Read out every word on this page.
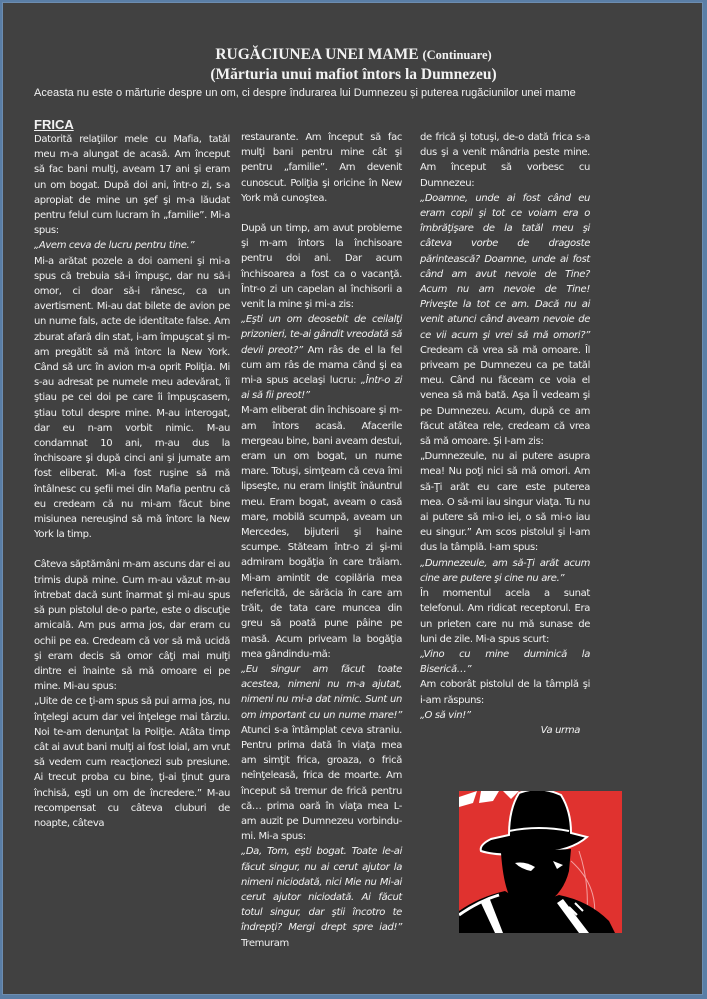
RUGĂCIUNEA UNEI MAME (Continuare)
(Mărturia unui mafiot întors la Dumnezeu)
Aceasta nu este o mărturie despre un om, ci despre îndurarea lui Dumnezeu și puterea rugăciunilor unei mame
FRICA

Datorită relaţiilor mele cu Mafia, tatăl meu m-a alungat de acasă. Am început să fac bani mulţi, aveam 17 ani şi eram un om bogat. După doi ani, într-o zi, s-a apropiat de mine un şef şi m-a lăudat pentru felul cum lucram în „familie”. Mi-a spus:

„Avem ceva de lucru pentru tine.”

Mi-a arătat pozele a doi oameni şi mi-a spus că trebuia să-i împuşc, dar nu să-i omor, ci doar să-i rănesc, ca un avertisment. Mi-au dat bilete de avion pe un nume fals, acte de identitate false. Am zburat afară din stat, i-am împuşcat şi m-am pregătit să mă întorc la New York. Când să urc în avion m-a oprit Poliţia. Mi s-au adresat pe numele meu adevărat, îi ştiau pe cei doi pe care îi împuşcasem, ştiau totul despre mine. M-au interogat, dar eu n-am vorbit nimic. M-au condamnat 10 ani, m-au dus la închisoare şi după cinci ani şi jumate am fost eliberat. Mi-a fost ruşine să mă întâlnesc cu şefii mei din Mafia pentru că eu credeam că nu mi-am făcut bine misiunea nereuşind să mă întorc la New York la timp.

Câteva săptămâni m-am ascuns dar ei au trimis după mine. Cum m-au văzut m-au întrebat dacă sunt înarmat şi mi-au spus să pun pistolul de-o parte, este o discuţie amicală. Am pus arma jos, dar eram cu ochii pe ea. Credeam că vor să mă ucidă şi eram decis să omor câţi mai mulţi dintre ei înainte să mă omoare ei pe mine. Mi-au spus:

„Uite de ce ţi-am spus să pui arma jos, nu înţelegi acum dar vei înţelege mai târziu. Noi te-am denunţat la Poliţie. Atâta timp cât ai avut bani mulţi ai fost loial, am vrut să vedem cum reacţionezi sub presiune. Ai trecut proba cu bine, ţi-ai ţinut gura închisă, eşti un om de încredere.” M-au recompensat cu câteva cluburi de noapte, câteva

restaurante. Am început să fac mulţi bani pentru mine cât şi pentru „familie”. Am devenit cunoscut. Poliţia şi oricine în New York mă cunoştea.

După un timp, am avut probleme şi m-am întors la închisoare pentru doi ani. Dar acum închisoarea a fost ca o vacanţă. Într-o zi un capelan al închisorii a venit la mine şi mi-a zis:

„Eşti un om deosebit de ceilalţi prizonieri, te-ai gândit vreodată să devii preot?” Am râs de el la fel cum am râs de mama când şi ea mi-a spus acelaşi lucru: „Într-o zi ai să fii preot!”

M-am eliberat din închisoare şi m-am întors acasă. Afacerile mergeau bine, bani aveam destui, eram un om bogat, un nume mare. Totuşi, simţeam că ceva îmi lipseşte, nu eram liniştit înăuntrul meu. Eram bogat, aveam o casă mare, mobilă scumpă, aveam un Mercedes, bijuterii şi haine scumpe. Stăteam într-o zi şi-mi admiram bogăţia în care trăiam. Mi-am amintit de copilăria mea nefericită, de sărăcia în care am trăit, de tata care muncea din greu să poată pune pâine pe masă. Acum priveam la bogăţia mea gândindu-mă:

„Eu singur am făcut toate acestea, nimeni nu m-a ajutat, nimeni nu mi-a dat nimic. Sunt un om important cu un nume mare!” Atunci s-a întâmplat ceva straniu. Pentru prima dată în viaţa mea am simţit frica, groaza, o frică neînţeleasă, frica de moarte. Am început să tremur de frică pentru că… prima oară în viaţa mea L-am auzit pe Dumnezeu vorbindu-mi. Mi-a spus:

„Da, Tom, eşti bogat. Toate le-ai făcut singur, nu ai cerut ajutor la nimeni niciodată, nici Mie nu Mi-ai cerut ajutor niciodată. Ai făcut totul singur, dar ştii încotro te îndrepţi? Mergi drept spre iad!” Tremuram

de frică şi totuşi, de-o dată frica s-a dus şi a venit mândria peste mine. Am început să vorbesc cu Dumnezeu:

„Doamne, unde ai fost când eu eram copil şi tot ce voiam era o îmbrăţişare de la tatăl meu şi câteva vorbe de dragoste părintească? Doamne, unde ai fost când am avut nevoie de Tine? Acum nu am nevoie de Tine! Priveşte la tot ce am. Dacă nu ai venit atunci când aveam nevoie de ce vii acum şi vrei să mă omori?” Credeam că vrea să mă omoare. Îl priveam pe Dumnezeu ca pe tatăl meu. Când nu făceam ce voia el venea să mă bată. Aşa Îl vedeam şi pe Dumnezeu. Acum, după ce am făcut atâtea rele, credeam că vrea să mă omoare. Şi I-am zis:

„Dumnezeule, nu ai putere asupra mea! Nu poţi nici să mă omori. Am să-Ţi arăt eu care este puterea mea. O să-mi iau singur viaţa. Tu nu ai putere să mi-o iei, o să mi-o iau eu singur.” Am scos pistolul şi l-am dus la tâmplă. I-am spus:

„Dumnezeule, am să-Ţi arăt acum cine are putere şi cine nu are.”

În momentul acela a sunat telefonul. Am ridicat receptorul. Era un prieten care nu mă sunase de luni de zile. Mi-a spus scurt:

„Vino cu mine duminică la Biserică…”

Am coborât pistolul de la tâmplă şi i-am răspuns:

„O să vin!”

Va urma
